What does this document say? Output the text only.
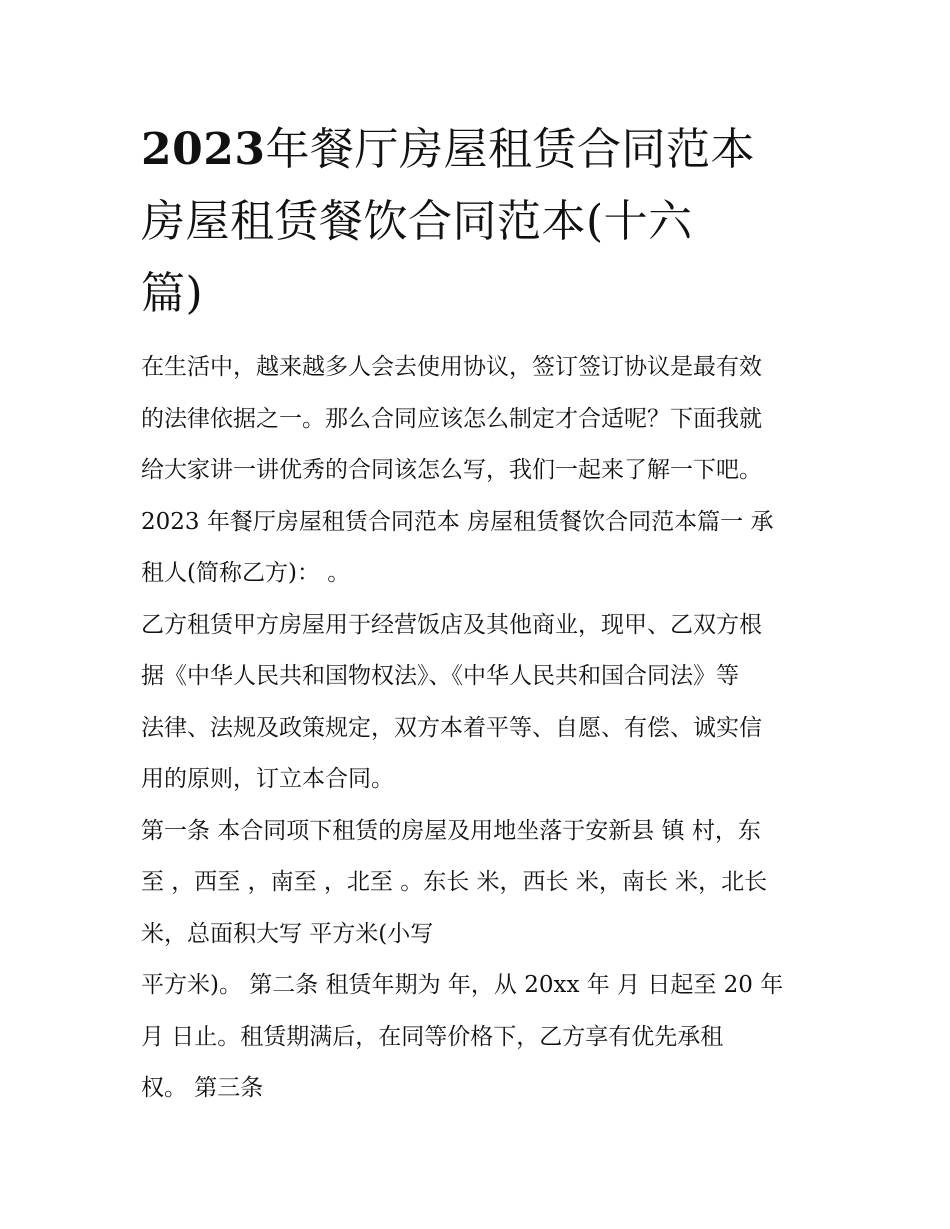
2023年餐厅房屋租赁合同范本
房屋租赁餐饮合同范本(十六
篇)
在生活中，越来越多人会去使用协议，签订签订协议是最有效
的法律依据之一。那么合同应该怎么制定才合适呢？下面我就
给大家讲一讲优秀的合同该怎么写，我们一起来了解一下吧。
2023 年餐厅房屋租赁合同范本 房屋租赁餐饮合同范本篇一 承
租人(简称乙方)： 。
乙方租赁甲方房屋用于经营饭店及其他商业，现甲、乙双方根
据《中华人民共和国物权法》、《中华人民共和国合同法》等
法律、法规及政策规定，双方本着平等、自愿、有偿、诚实信
用的原则，订立本合同。
第一条 本合同项下租赁的房屋及用地坐落于安新县 镇 村，东
至 ，西至 ，南至 ，北至 。东长 米，西长 米，南长 米，北长
米，总面积大写 平方米(小写
平方米)。 第二条 租赁年期为 年，从 20xx 年 月 日起至 20 年
月 日止。租赁期满后，在同等价格下，乙方享有优先承租
权。 第三条
